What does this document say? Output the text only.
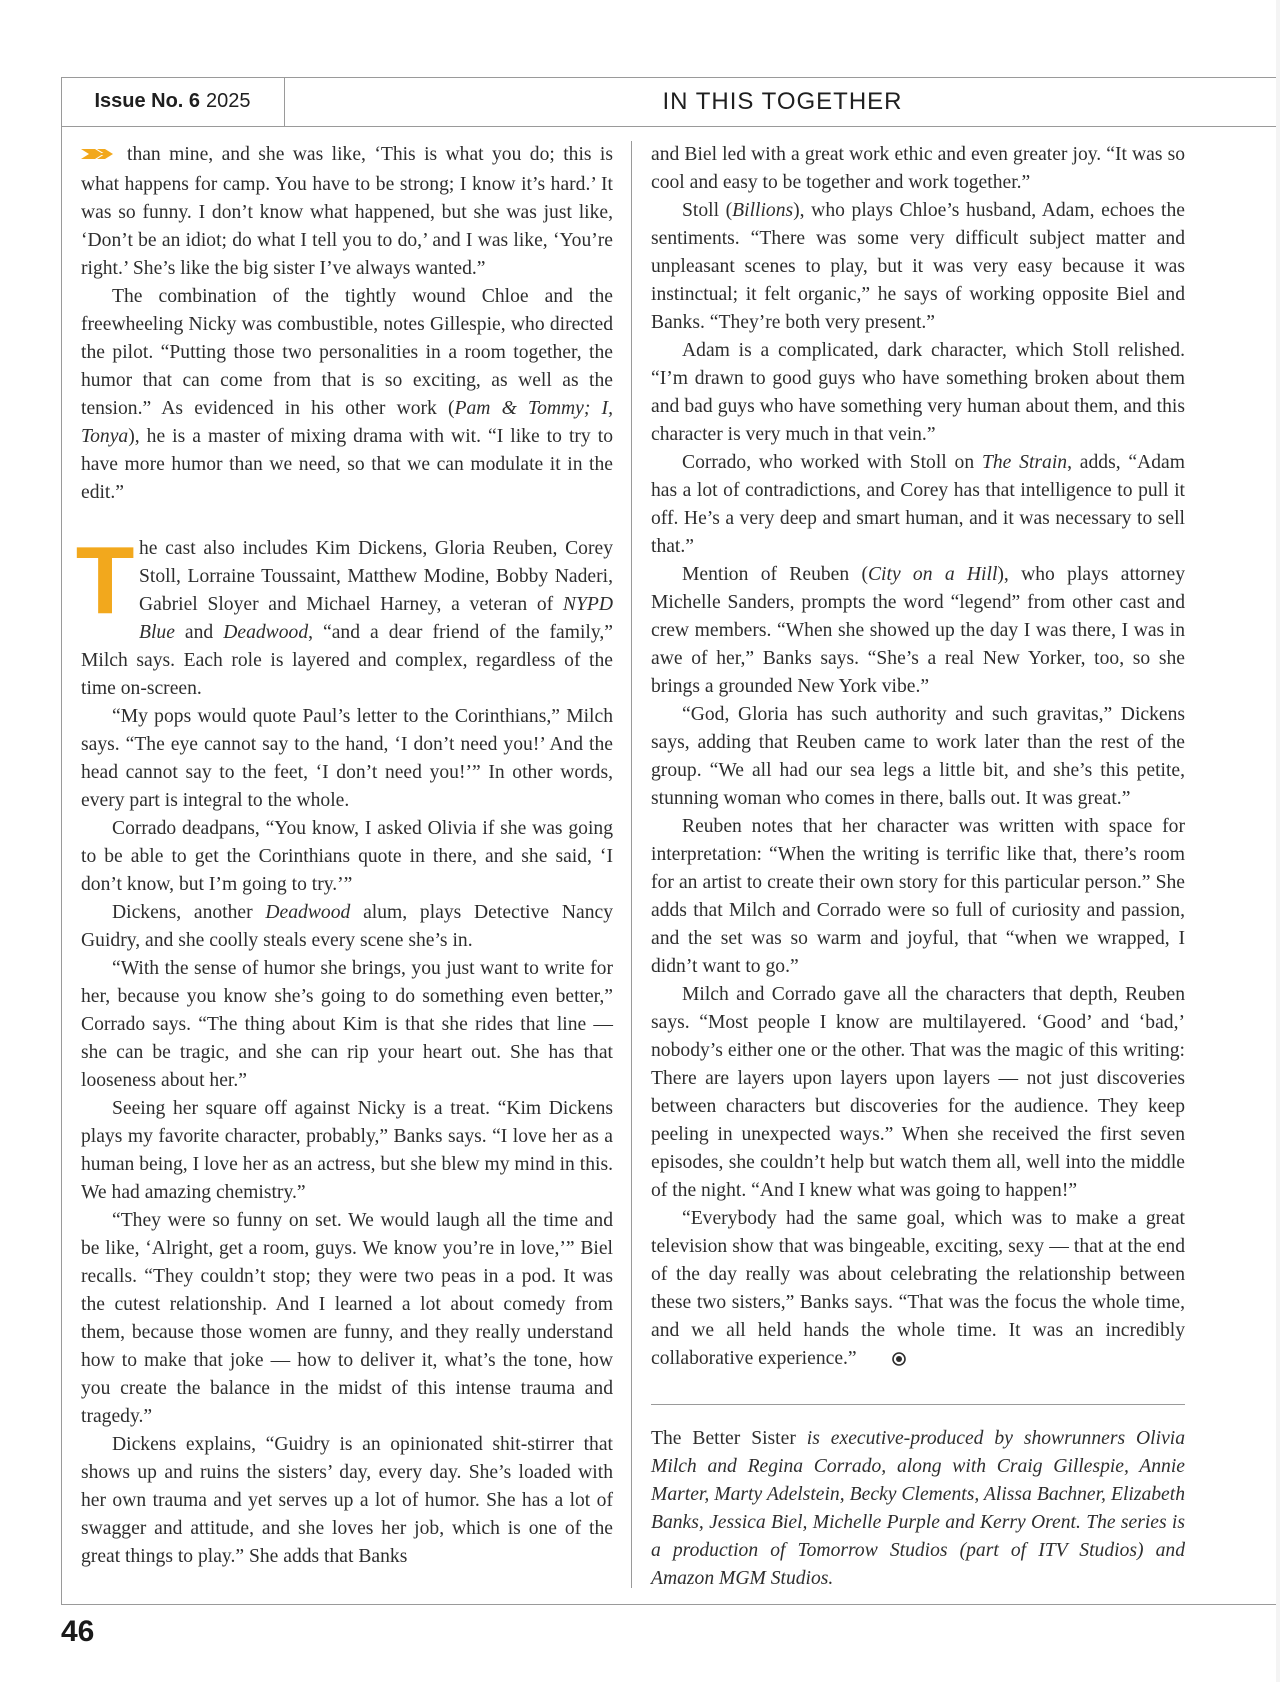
Issue No. 6 2025	IN THIS TOGETHER

than mine, and she was like, ‘This is what you do; this is what happens for camp. You have to be strong; I know it’s hard.’ It was so funny. I don’t know what happened, but she was just like, ‘Don’t be an idiot; do what I tell you to do,’ and I was like, ‘You’re right.’ She’s like the big sister I’ve always wanted.”

The combination of the tightly wound Chloe and the freewheeling Nicky was combustible, notes Gillespie, who directed the pilot. “Putting those two personalities in a room together, the humor that can come from that is so exciting, as well as the tension.” As evidenced in his other work (Pam & Tommy; I, Tonya), he is a master of mixing drama with wit. “I like to try to have more humor than we need, so that we can modulate it in the edit.”

T he cast also includes Kim Dickens, Gloria Reuben, Corey Stoll, Lorraine Toussaint, Matthew Modine, Bobby Naderi, Gabriel Sloyer and Michael Harney, a veteran of NYPD Blue and Deadwood, “and a dear friend of the family,” Milch says. Each role is layered and complex, regardless of the time on-screen.

“My pops would quote Paul’s letter to the Corinthians,” Milch says. “The eye cannot say to the hand, ‘I don’t need you!’ And the head cannot say to the feet, ‘I don’t need you!’” In other words, every part is integral to the whole.

Corrado deadpans, “You know, I asked Olivia if she was going to be able to get the Corinthians quote in there, and she said, ‘I don’t know, but I’m going to try.’”

Dickens, another Deadwood alum, plays Detective Nancy Guidry, and she coolly steals every scene she’s in.

“With the sense of humor she brings, you just want to write for her, because you know she’s going to do something even better,” Corrado says. “The thing about Kim is that she rides that line — she can be tragic, and she can rip your heart out. She has that looseness about her.”

Seeing her square off against Nicky is a treat. “Kim Dickens plays my favorite character, probably,” Banks says. “I love her as a human being, I love her as an actress, but she blew my mind in this. We had amazing chemistry.”

“They were so funny on set. We would laugh all the time and be like, ‘Alright, get a room, guys. We know you’re in love,’” Biel recalls. “They couldn’t stop; they were two peas in a pod. It was the cutest relationship. And I learned a lot about comedy from them, because those women are funny, and they really understand how to make that joke — how to deliver it, what’s the tone, how you create the balance in the midst of this intense trauma and tragedy.”

Dickens explains, “Guidry is an opinionated shit-stirrer that shows up and ruins the sisters’ day, every day. She’s loaded with her own trauma and yet serves up a lot of humor. She has a lot of swagger and attitude, and she loves her job, which is one of the great things to play.” She adds that Banks

and Biel led with a great work ethic and even greater joy. “It was so cool and easy to be together and work together.”

Stoll (Billions), who plays Chloe’s husband, Adam, echoes the sentiments. “There was some very difficult subject matter and unpleasant scenes to play, but it was very easy because it was instinctual; it felt organic,” he says of working opposite Biel and Banks. “They’re both very present.”

Adam is a complicated, dark character, which Stoll relished. “I’m drawn to good guys who have something broken about them and bad guys who have something very human about them, and this character is very much in that vein.”

Corrado, who worked with Stoll on The Strain, adds, “Adam has a lot of contradictions, and Corey has that intelligence to pull it off. He’s a very deep and smart human, and it was necessary to sell that.”

Mention of Reuben (City on a Hill), who plays attorney Michelle Sanders, prompts the word “legend” from other cast and crew members. “When she showed up the day I was there, I was in awe of her,” Banks says. “She’s a real New Yorker, too, so she brings a grounded New York vibe.”

“God, Gloria has such authority and such gravitas,” Dickens says, adding that Reuben came to work later than the rest of the group. “We all had our sea legs a little bit, and she’s this petite, stunning woman who comes in there, balls out. It was great.”

Reuben notes that her character was written with space for interpretation: “When the writing is terrific like that, there’s room for an artist to create their own story for this particular person.” She adds that Milch and Corrado were so full of curiosity and passion, and the set was so warm and joyful, that “when we wrapped, I didn’t want to go.”

Milch and Corrado gave all the characters that depth, Reuben says. “Most people I know are multilayered. ‘Good’ and ‘bad,’ nobody’s either one or the other. That was the magic of this writing: There are layers upon layers upon layers — not just discoveries between characters but discoveries for the audience. They keep peeling in unexpected ways.” When she received the first seven episodes, she couldn’t help but watch them all, well into the middle of the night. “And I knew what was going to happen!”

“Everybody had the same goal, which was to make a great television show that was bingeable, exciting, sexy — that at the end of the day really was about celebrating the relationship between these two sisters,” Banks says. “That was the focus the whole time, and we all held hands the whole time. It was an incredibly collaborative experience.”

The Better Sister is executive-produced by showrunners Olivia Milch and Regina Corrado, along with Craig Gillespie, Annie Marter, Marty Adelstein, Becky Clements, Alissa Bachner, Elizabeth Banks, Jessica Biel, Michelle Purple and Kerry Orent. The series is a production of Tomorrow Studios (part of ITV Studios) and Amazon MGM Studios.
46
